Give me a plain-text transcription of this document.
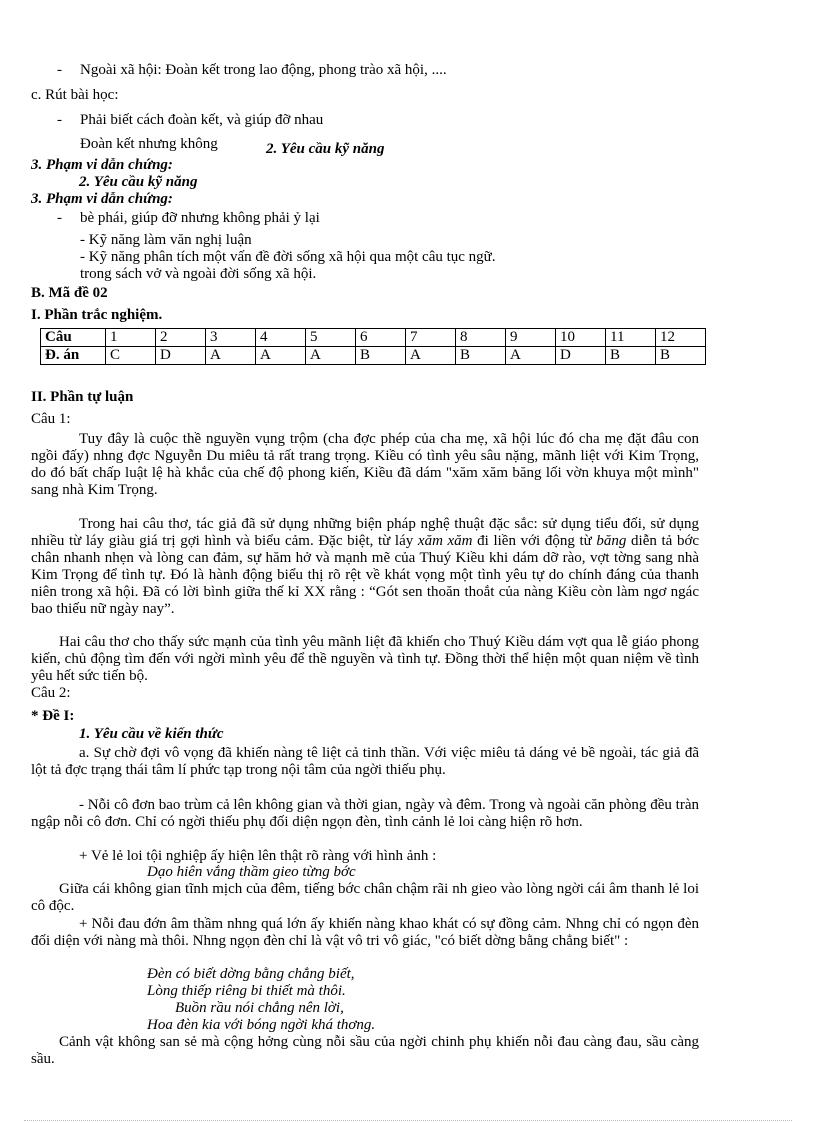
- Ngoài xã hội: Đoàn kết trong lao động, phong trào xã hội, ....
c. Rút bài học:
- Phải biết cách đoàn kết, và giúp đỡ nhau
Đoàn kết nhưng không	2. Yêu cầu kỹ năng
3. Phạm vi dẫn chứng:
2. Yêu cầu kỹ năng
3. Phạm vi dẫn chứng:
- bè phái, giúp đỡ nhưng không phải ỷ lại
- Kỹ năng làm văn nghị luận
- Kỹ năng phân tích một vấn đề đời sống xã hội qua một câu tục ngữ.
trong sách vở và ngoài đời sống xã hội.
B. Mã đề 02
I. Phần trắc nghiệm.
Câu	1	2	3	4	5	6	7	8	9	10	11	12
Đ. án	C	D	A	A	A	B	A	B	A	D	B	B
II. Phần tự luận
Câu 1:

Tuy đây là cuộc thề nguyền vụng trộm (cha đợc phép của cha mẹ, xã hội lúc đó cha mẹ đặt đâu con ngồi đấy) nhng đợc Nguyễn Du miêu tả rất trang trọng. Kiều có tình yêu sâu nặng, mãnh liệt với Kim Trọng, do đó bất chấp luật lệ hà khắc của chế độ phong kiến, Kiều đã dám "xăm xăm băng lối vờn khuya một mình" sang nhà Kim Trọng.

Trong hai câu thơ, tác giả đã sử dụng những biện pháp nghệ thuật đặc sắc: sử dụng tiểu đối, sử dụng nhiều từ láy giàu giá trị gợi hình và biểu cảm. Đặc biệt, từ láy xăm xăm đi liền với động từ băng diễn tả bớc chân nhanh nhẹn và lòng can đảm, sự hăm hở và mạnh mẽ của Thuý Kiều khi dám dỡ rào, vợt tờng sang nhà Kim Trọng để tình tự. Đó là hành động biểu thị rõ rệt về khát vọng một tình yêu tự do chính đáng của thanh niên trong xã hội. Đã có lời bình giữa thế kỉ XX rằng : “Gót sen thoăn thoắt của nàng Kiều còn làm ngơ ngác bao thiếu nữ ngày nay”.

Hai câu thơ cho thấy sức mạnh của tình yêu mãnh liệt đã khiến cho Thuý Kiều dám vợt qua lễ giáo phong kiến, chủ động tìm đến với ngời mình yêu để thề nguyền và tình tự. Đồng thời thể hiện một quan niệm về tình yêu hết sức tiến bộ.

Câu 2:
* Đề I:
1. Yêu cầu về kiến thức

a. Sự chờ đợi vô vọng đã khiến nàng tê liệt cả tinh thần. Với việc miêu tả dáng vẻ bề ngoài, tác giả đã lột tả đợc trạng thái tâm lí phức tạp trong nội tâm của ngời thiếu phụ.

- Nỗi cô đơn bao trùm cả lên không gian và thời gian, ngày và đêm. Trong và ngoài căn phòng đều tràn ngập nỗi cô đơn. Chỉ có ngời thiếu phụ đối diện ngọn đèn, tình cảnh lẻ loi càng hiện rõ hơn.

+ Vẻ lẻ loi tội nghiệp ấy hiện lên thật rõ ràng với hình ảnh :
Dạo hiên vắng thầm gieo từng bớc

Giữa cái không gian tĩnh mịch của đêm, tiếng bớc chân chậm rãi nh gieo vào lòng ngời cái âm thanh lẻ loi cô độc.

+ Nỗi đau đớn âm thầm nhng quá lớn ấy khiến nàng khao khát có sự đồng cảm. Nhng chỉ có ngọn đèn đối diện với nàng mà thôi. Nhng ngọn đèn chỉ là vật vô tri vô giác, "có biết dờng bằng chẳng biết" :

Đèn có biết dờng bằng chẳng biết,
Lòng thiếp riêng bi thiết mà thôi.
Buồn rầu nói chẳng nên lời,
Hoa đèn kia với bóng ngời khá thơng.

Cảnh vật không san sẻ mà cộng hởng cùng nỗi sầu của ngời chinh phụ khiến nỗi đau càng đau, sầu càng sầu.
